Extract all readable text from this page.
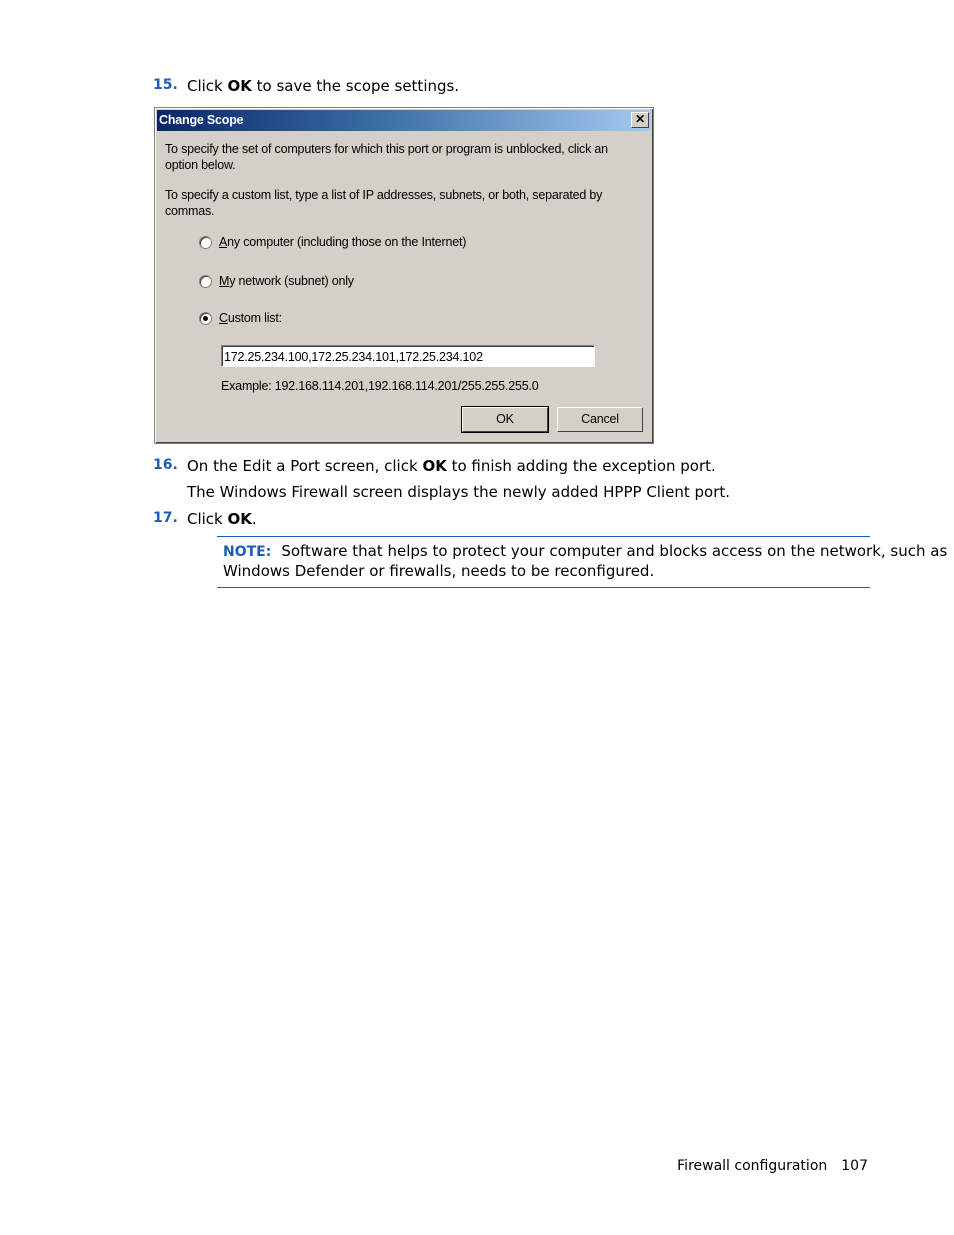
15. Click OK to save the scope settings.
Change Scope	✕
To specify the set of computers for which this port or program is unblocked, click an
option below.
To specify a custom list, type a list of IP addresses, subnets, or both, separated by
commas.
Any computer (including those on the Internet)
My network (subnet) only
Custom list:
172.25.234.100,172.25.234.101,172.25.234.102
Example: 192.168.114.201,192.168.114.201/255.255.255.0
OK	Cancel
16. On the Edit a Port screen, click OK to finish adding the exception port.
The Windows Firewall screen displays the newly added HPPP Client port.
17. Click OK.
NOTE: Software that helps to protect your computer and blocks access on the network, such as
Windows Defender or firewalls, needs to be reconfigured.
Firewall configuration 107
